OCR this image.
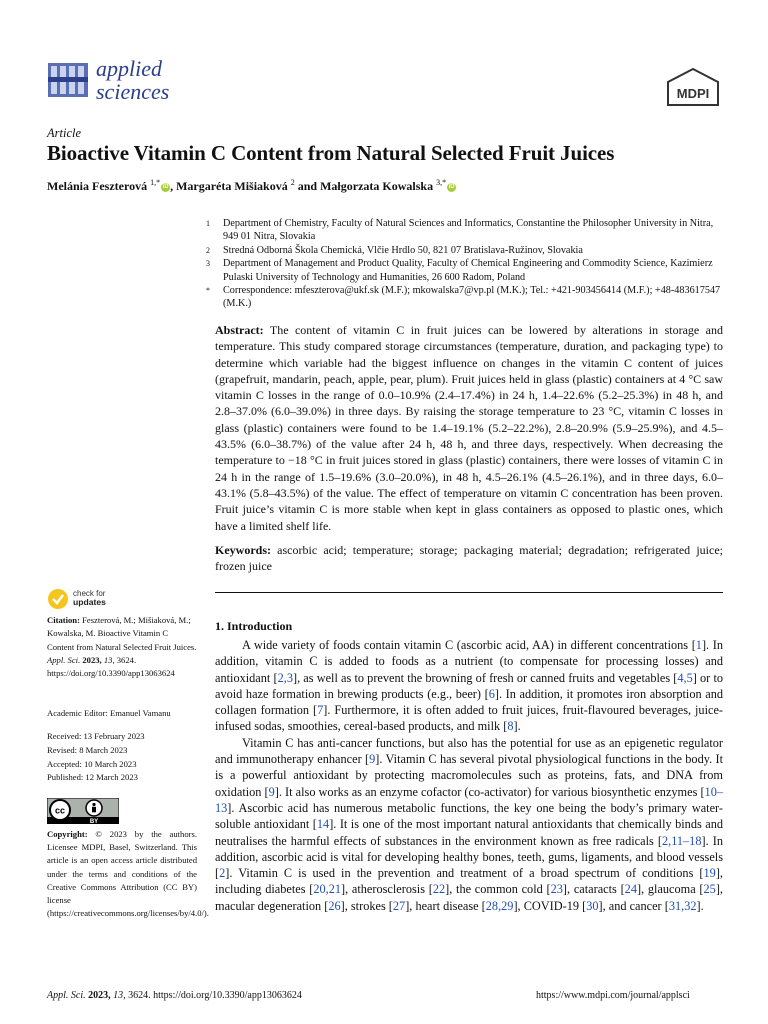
applied
sciences	MDPI
Article
Bioactive Vitamin C Content from Natural Selected Fruit Juices
Melánia Feszterová $^{1,*}$ iD , Margaréta Mišiaková $^2$ and Małgorzata Kowalska $^{3,*}$ iD
1	Department of Chemistry, Faculty of Natural Sciences and Informatics, Constantine the Philosopher University in Nitra, 949 01 Nitra, Slovakia
2	Stredná Odborná Škola Chemická, Vlčie Hrdlo 50, 821 07 Bratislava-Ružinov, Slovakia
3	Department of Management and Product Quality, Faculty of Chemical Engineering and Commodity Science, Kazimierz Pulaski University of Technology and Humanities, 26 600 Radom, Poland
*	Correspondence: mfeszterova@ukf.sk (M.F.); mkowalska7@vp.pl (M.K.); Tel.: +421-903456414 (M.F.); +48-483617547 (M.K.)
Abstract: The content of vitamin C in fruit juices can be lowered by alterations in storage and temperature. This study compared storage circumstances (temperature, duration, and packaging type) to determine which variable had the biggest influence on changes in the vitamin C content of juices (grapefruit, mandarin, peach, apple, pear, plum). Fruit juices held in glass (plastic) containers at 4 °C saw vitamin C losses in the range of 0.0–10.9% (2.4–17.4%) in 24 h, 1.4–22.6% (5.2–25.3%) in 48 h, and 2.8–37.0% (6.0–39.0%) in three days. By raising the storage temperature to 23 °C, vitamin C losses in glass (plastic) containers were found to be 1.4–19.1% (5.2–22.2%), 2.8–20.9% (5.9–25.9%), and 4.5–43.5% (6.0–38.7%) of the value after 24 h, 48 h, and three days, respectively. When decreasing the temperature to −18 °C in fruit juices stored in glass (plastic) containers, there were losses of vitamin C in 24 h in the range of 1.5–19.6% (3.0–20.0%), in 48 h, 4.5–26.1% (4.5–26.1%), and in three days, 6.0–43.1% (5.8–43.5%) of the value. The effect of temperature on vitamin C concentration has been proven. Fruit juice’s vitamin C is more stable when kept in glass containers as opposed to plastic ones, which have a limited shelf life.
Keywords: ascorbic acid; temperature; storage; packaging material; degradation; refrigerated juice; frozen juice
check for
updates
Citation: Feszterová, M.; Mišiaková, M.; Kowalska, M. Bioactive Vitamin C Content from Natural Selected Fruit Juices. Appl. Sci. 2023, 13, 3624. https://doi.org/10.3390/app13063624
Academic Editor: Emanuel Vamanu
Received: 13 February 2023
Revised: 8 March 2023
Accepted: 10 March 2023
Published: 12 March 2023
cc
BY
Copyright: © 2023 by the authors. Licensee MDPI, Basel, Switzerland. This article is an open access article distributed under the terms and conditions of the Creative Commons Attribution (CC BY) license (https://creativecommons.org/licenses/by/4.0/).
1. Introduction

A wide variety of foods contain vitamin C (ascorbic acid, AA) in different concentrations [1]. In addition, vitamin C is added to foods as a nutrient (to compensate for processing losses) and antioxidant [2,3], as well as to prevent the browning of fresh or canned fruits and vegetables [4,5] or to avoid haze formation in brewing products (e.g., beer) [6]. In addition, it promotes iron absorption and collagen formation [7]. Furthermore, it is often added to fruit juices, fruit-flavoured beverages, juice-infused sodas, smoothies, cereal-based products, and milk [8].

Vitamin C has anti-cancer functions, but also has the potential for use as an epigenetic regulator and immunotherapy enhancer [9]. Vitamin C has several pivotal physiological functions in the body. It is a powerful antioxidant by protecting macromolecules such as proteins, fats, and DNA from oxidation [9]. It also works as an enzyme cofactor (co-activator) for various biosynthetic enzymes [10–13]. Ascorbic acid has numerous metabolic functions, the key one being the body’s primary water-soluble antioxidant [14]. It is one of the most important natural antioxidants that chemically binds and neutralises the harmful effects of substances in the environment known as free radicals [2,11–18]. In addition, ascorbic acid is vital for developing healthy bones, teeth, gums, ligaments, and blood vessels [2]. Vitamin C is used in the prevention and treatment of a broad spectrum of conditions [19], including diabetes [20,21], atherosclerosis [22], the common cold [23], cataracts [24], glaucoma [25], macular degeneration [26], strokes [27], heart disease [28,29], COVID-19 [30], and cancer [31,32].

Appl. Sci. 2023, 13, 3624. https://doi.org/10.3390/app13063624	https://www.mdpi.com/journal/applsci
